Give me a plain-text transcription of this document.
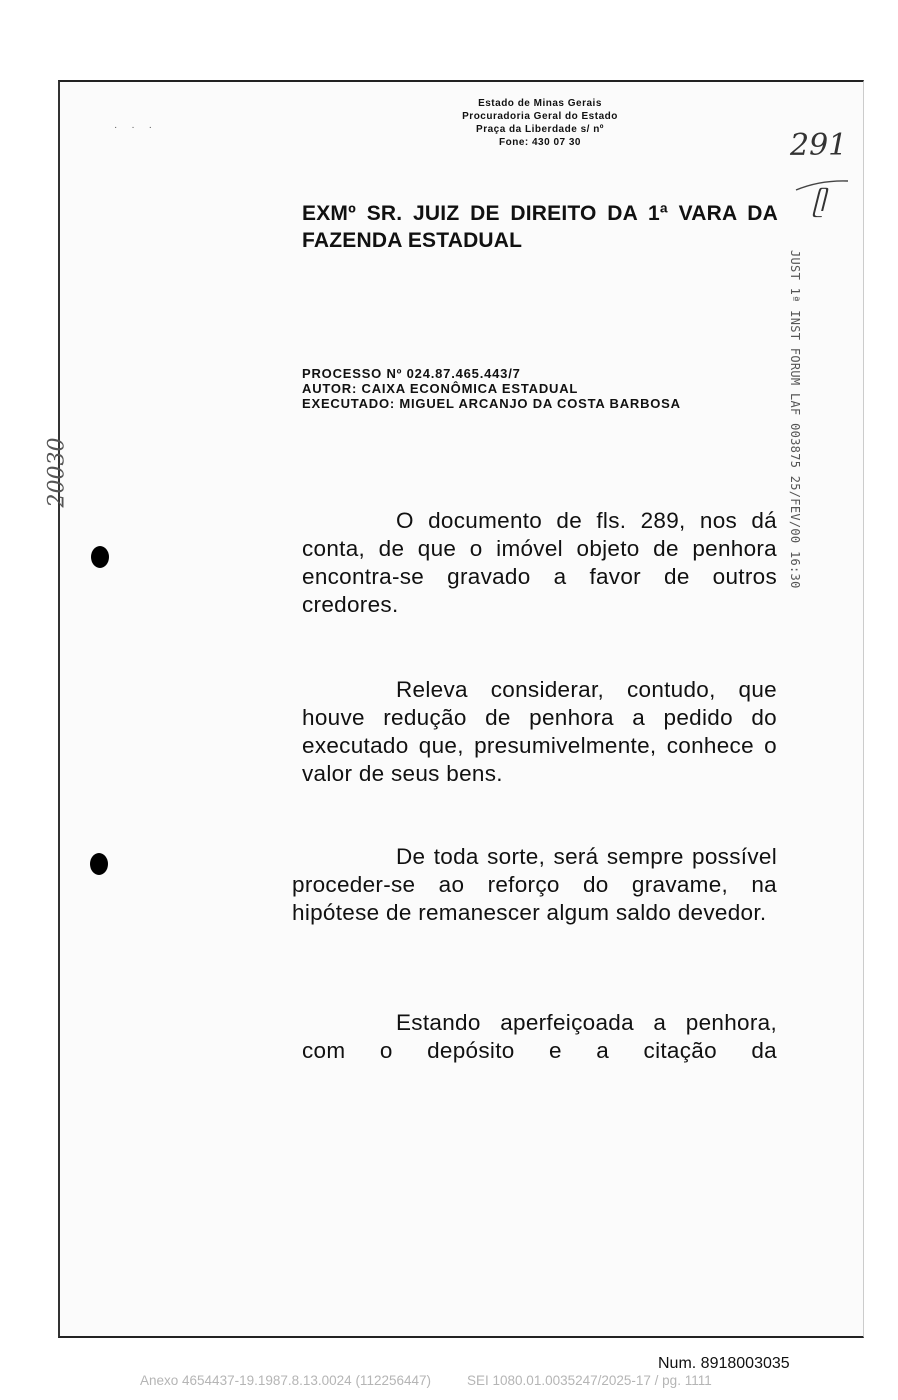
Estado de Minas Gerais
Procuradoria Geral do Estado
Praça da Liberdade s/ nº
Fone: 430 07 30
···
291
ᥫ
20030	JUST 1ª INST FORUM LAF 003875 25/FEV/00 16:30
EXMº SR. JUIZ DE DIREITO DA 1ª VARA DA FAZENDA ESTADUAL
PROCESSO Nº 024.87.465.443/7
AUTOR: CAIXA ECONÔMICA ESTADUAL
EXECUTADO: MIGUEL ARCANJO DA COSTA BARBOSA
O documento de fls. 289, nos dá conta, de que o imóvel objeto de penhora encontra-se gravado a favor de outros credores.
Releva considerar, contudo, que houve redução de penhora a pedido do executado que, presumivelmente, conhece o valor de seus bens.
De toda sorte, será sempre possível proceder-se ao reforço do gravame, na hipótese de remanescer algum saldo devedor.
Estando aperfeiçoada a penhora, com o depósito e a citação da
Num. 8918003035
Anexo 4654437-19.1987.8.13.0024 (112256447)	SEI 1080.01.0035247/2025-17 / pg. 1111
